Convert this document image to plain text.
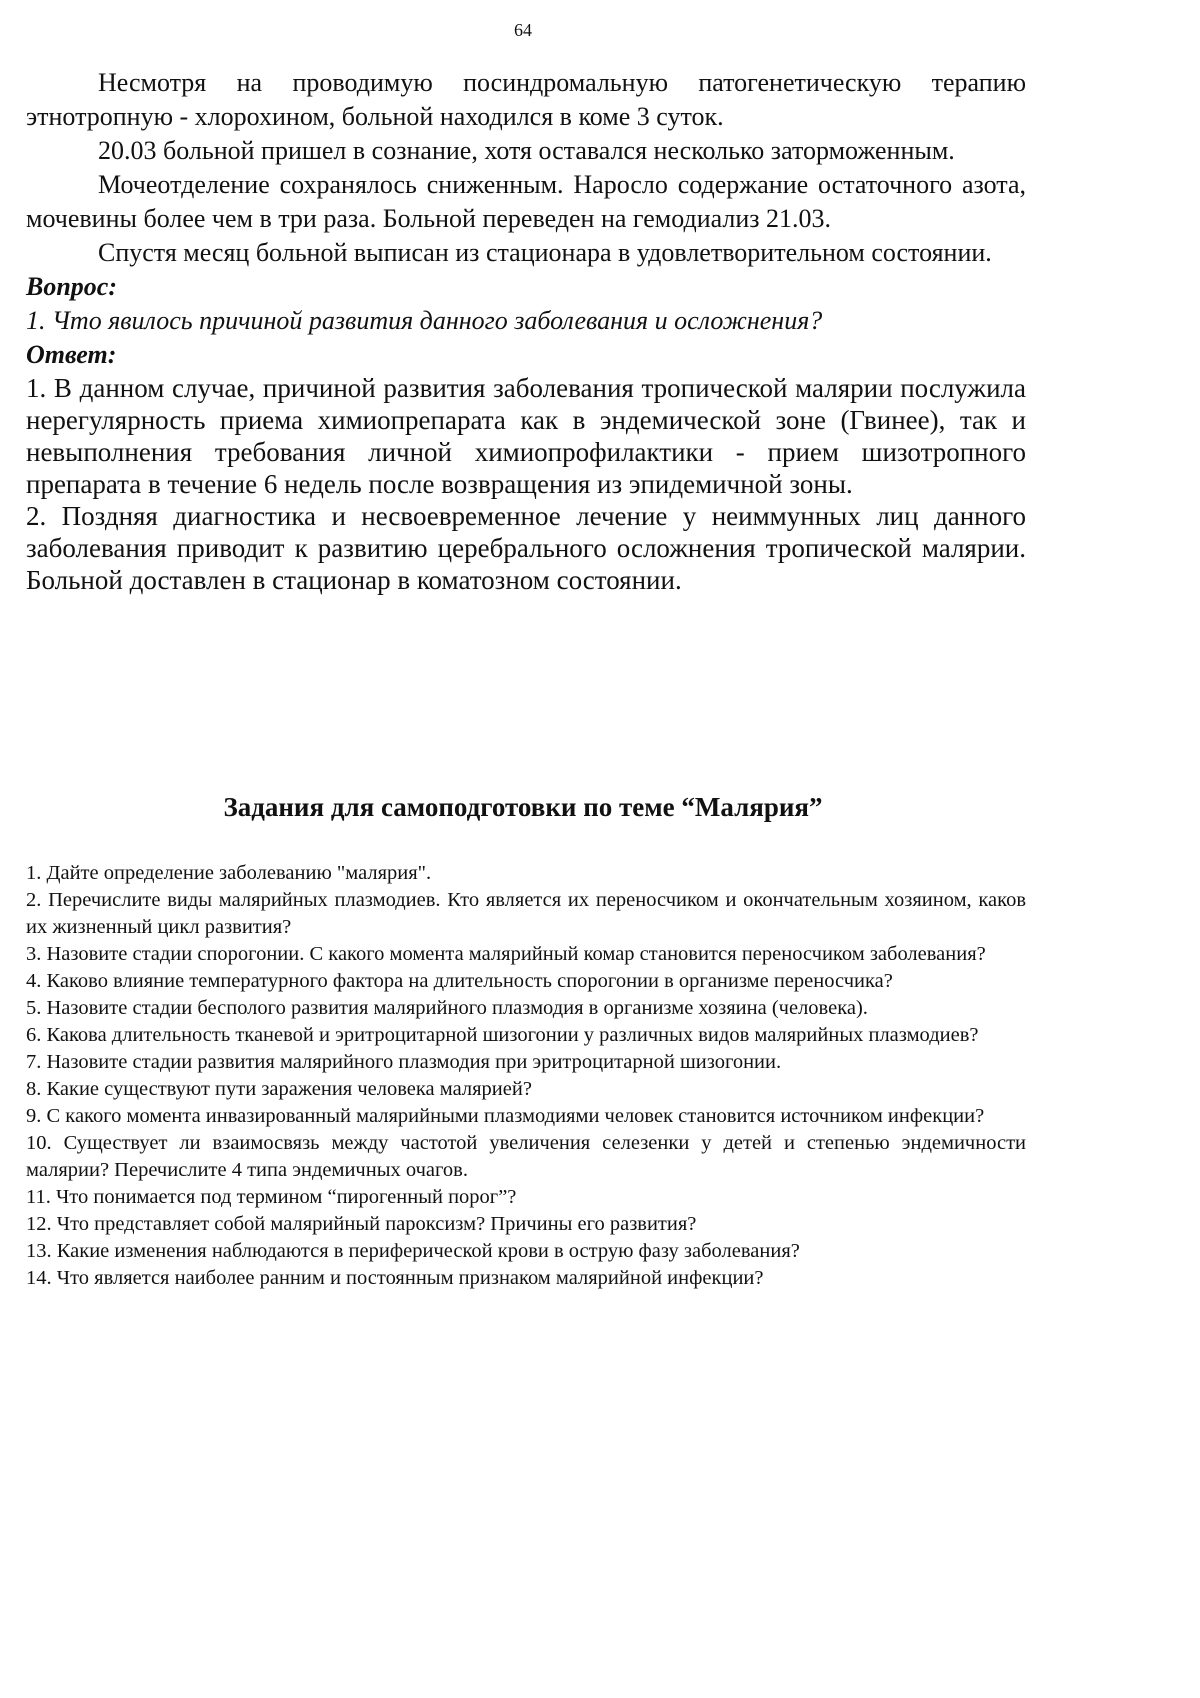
64

Несмотря на проводимую посиндромальную патогенетическую терапию этнотропную - хлорохином, больной находился в коме 3 суток.

20.03 больной пришел в сознание, хотя оставался несколько заторможенным.

Мочеотделение сохранялось сниженным. Наросло содержание остаточного азота, мочевины более чем в три раза. Больной переведен на гемодиализ 21.03.

Спустя месяц больной выписан из стационара в удовлетворительном состоянии.

Вопрос:

1. Что явилось причиной развития данного заболевания и осложнения?

Ответ:

1. В данном случае, причиной развития заболевания тропической малярии послужила нерегулярность приема химиопрепарата как в эндемической зоне (Гвинее), так и невыполнения требования личной химиопрофилактики - прием шизотропного препарата в течение 6 недель после возвращения из эпидемичной зоны.

2. Поздняя диагностика и несвоевременное лечение у неиммунных лиц данного заболевания приводит к развитию церебрального осложнения тропической малярии. Больной доставлен в стационар в коматозном состоянии.

Задания для самоподготовки по теме “Малярия”
1. Дайте определение заболеванию "малярия".
2. Перечислите виды малярийных плазмодиев. Кто является их переносчиком и окончательным хозяином, каков их жизненный цикл развития?
3. Назовите стадии спорогонии. С какого момента малярийный комар становится переносчиком заболевания?
4. Каково влияние температурного фактора на длительность спорогонии в организме переносчика?
5. Назовите стадии бесполого развития малярийного плазмодия в организме хозяина (человека).
6. Какова длительность тканевой и эритроцитарной шизогонии у различных видов малярийных плазмодиев?
7. Назовите стадии развития малярийного плазмодия при эритроцитарной шизогонии.
8. Какие существуют пути заражения человека малярией?
9. С какого момента инвазированный малярийными плазмодиями человек становится источником инфекции?
10. Существует ли взаимосвязь между частотой увеличения селезенки у детей и степенью эндемичности малярии? Перечислите 4 типа эндемичных очагов.
11. Что понимается под термином “пирогенный порог”?
12. Что представляет собой малярийный пароксизм? Причины его развития?
13. Какие изменения наблюдаются в периферической крови в острую фазу заболевания?
14. Что является наиболее ранним и постоянным признаком малярийной инфекции?
